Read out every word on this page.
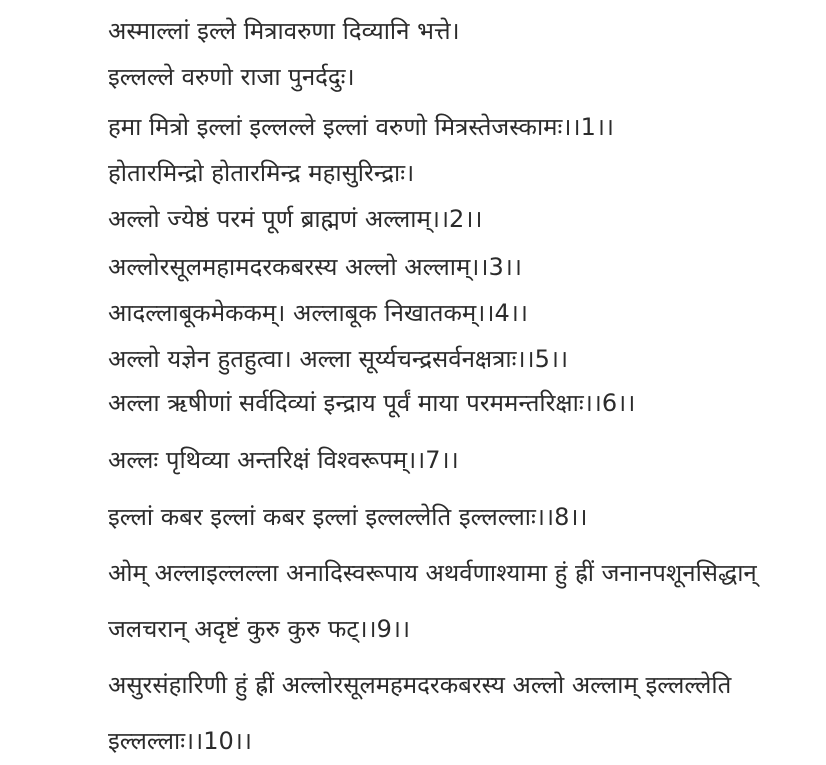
अस्माल्लां इल्ले मित्रावरुणा दिव्यानि भत्ते।

इल्लल्ले वरुणो राजा पुनर्ददुः।

हमा मित्रो इल्लां इल्लल्ले इल्लां वरुणो मित्रस्तेजस्कामः।।1।।

होतारमिन्द्रो होतारमिन्द्र महासुरिन्द्राः।

अल्लो ज्येष्ठं परमं पूर्ण ब्राह्मणं अल्लाम्।।2।।

अल्लोरसूलमहामदरकबरस्य अल्लो अल्लाम्।।3।।

आदल्लाबूकमेककम्। अल्लाबूक निखातकम्।।4।।

अल्लो यज्ञेन हुतहुत्वा। अल्ला सूर्य्यचन्द्रसर्वनक्षत्राः।।5।।

अल्ला ऋषीणां सर्वदिव्यां इन्द्राय पूर्वं माया परममन्तरिक्षाः।।6।।

अल्लः पृथिव्या अन्तरिक्षं विश्वरूपम्।।7।।

इल्लां कबर इल्लां कबर इल्लां इल्लल्लेति इल्लल्लाः।।8।।

ओम् अल्लाइल्लल्ला अनादिस्वरूपाय अथर्वणाश्यामा हुं ह्रीं जनानपशूनसिद्धान्

जलचरान् अदृष्टं कुरु कुरु फट्।।9।।

असुरसंहारिणी हुं ह्रीं अल्लोरसूलमहमदरकबरस्य अल्लो अल्लाम् इल्लल्लेति

इल्लल्लाः।।10।।
